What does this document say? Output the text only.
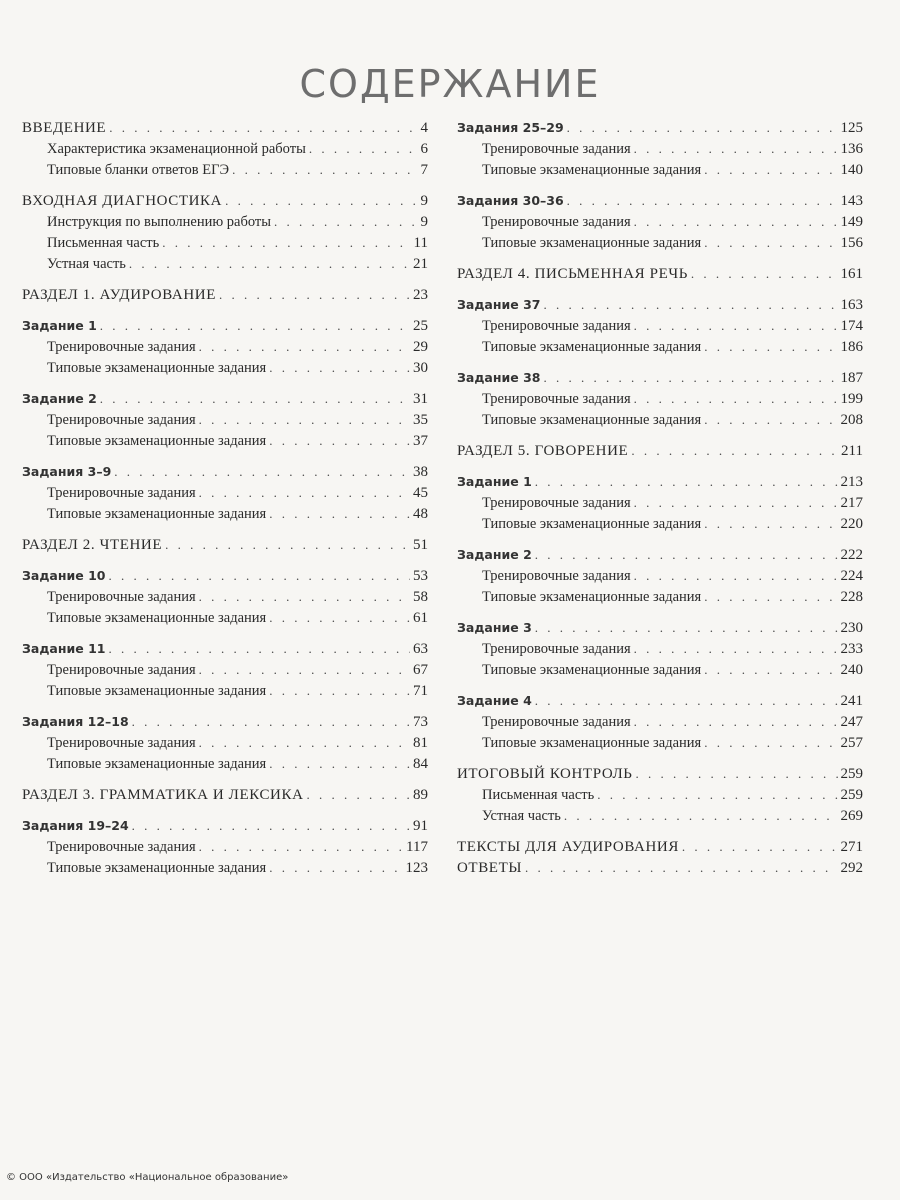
СОДЕРЖАНИЕ
ВВЕДЕНИЕ . . .	4
Характеристика экзаменационной работы . . .	6
Типовые бланки ответов ЕГЭ . . .	7
ВХОДНАЯ ДИАГНОСТИКА . . .	9
Инструкция по выполнению работы . . .	9
Письменная часть . . .	11
Устная часть . . .	21
РАЗДЕЛ 1. АУДИРОВАНИЕ . . .	23
Задание 1 . . .	25
Тренировочные задания . . .	29
Типовые экзаменационные задания . . .	30
Задание 2 . . .	31
Тренировочные задания . . .	35
Типовые экзаменационные задания . . .	37
Задания 3–9 . . .	38
Тренировочные задания . . .	45
Типовые экзаменационные задания . . .	48
РАЗДЕЛ 2. ЧТЕНИЕ . . .	51
Задание 10 . . .	53
Тренировочные задания . . .	58
Типовые экзаменационные задания . . .	61
Задание 11 . . .	63
Тренировочные задания . . .	67
Типовые экзаменационные задания . . .	71
Задания 12–18 . . .	73
Тренировочные задания . . .	81
Типовые экзаменационные задания . . .	84
РАЗДЕЛ 3. ГРАММАТИКА И ЛЕКСИКА . . .	89
Задания 19–24 . . .	91
Тренировочные задания . . .	117
Типовые экзаменационные задания . . .	123
Задания 25–29 . . .	125
Тренировочные задания . . .	136
Типовые экзаменационные задания . . .	140
Задания 30–36 . . .	143
Тренировочные задания . . .	149
Типовые экзаменационные задания . . .	156
РАЗДЕЛ 4. ПИСЬМЕННАЯ РЕЧЬ . . .	161
Задание 37 . . .	163
Тренировочные задания . . .	174
Типовые экзаменационные задания . . .	186
Задание 38 . . .	187
Тренировочные задания . . .	199
Типовые экзаменационные задания . . .	208
РАЗДЕЛ 5. ГОВОРЕНИЕ . . .	211
Задание 1 . . .	213
Тренировочные задания . . .	217
Типовые экзаменационные задания . . .	220
Задание 2 . . .	222
Тренировочные задания . . .	224
Типовые экзаменационные задания . . .	228
Задание 3 . . .	230
Тренировочные задания . . .	233
Типовые экзаменационные задания . . .	240
Задание 4 . . .	241
Тренировочные задания . . .	247
Типовые экзаменационные задания . . .	257
ИТОГОВЫЙ КОНТРОЛЬ . . .	259
Письменная часть . . .	259
Устная часть . . .	269
ТЕКСТЫ ДЛЯ АУДИРОВАНИЯ . . .	271
ОТВЕТЫ . . .	292
© ООО «Издательство «Национальное образование»
